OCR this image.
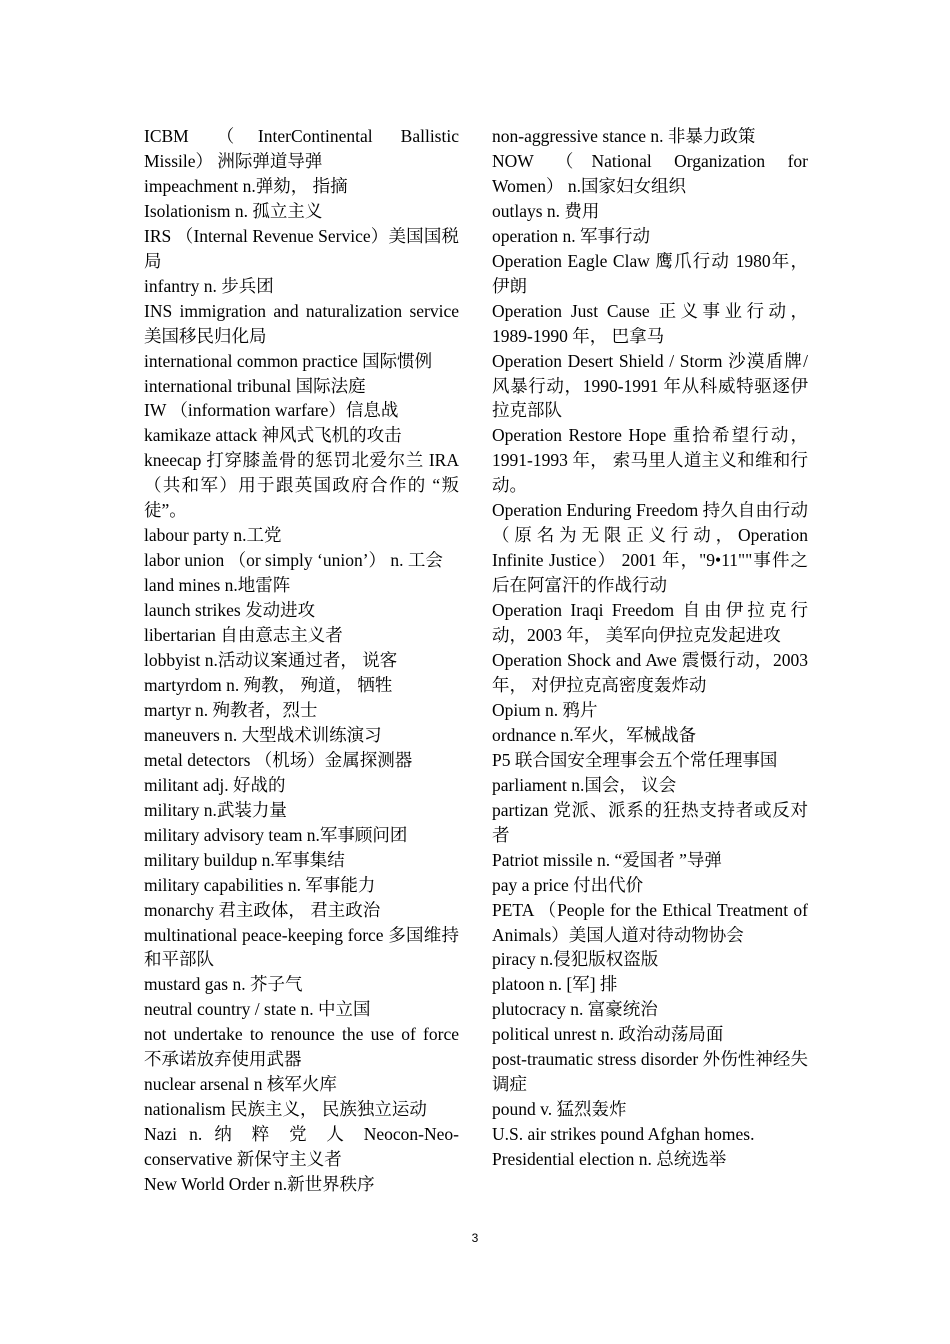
ICBM （InterContinental Ballistic Missile） 洲际弹道导弹

impeachment n.弹劾， 指摘

Isolationism n. 孤立主义

IRS （Internal Revenue Service）美国国税局

infantry n. 步兵团

INS immigration and naturalization service 美国移民归化局

international common practice 国际惯例

international tribunal 国际法庭

IW （information warfare）信息战

kamikaze attack 神风式飞机的攻击

kneecap 打穿膝盖骨的惩罚北爱尔兰 IRA（共和军）用于跟英国政府合作的 “叛徒”。

labour party n.工党

labor union （or simply ‘union’） n. 工会

land mines n.地雷阵

launch strikes 发动进攻

libertarian 自由意志主义者

lobbyist n.活动议案通过者， 说客

martyrdom n. 殉教， 殉道， 牺牲

martyr n. 殉教者，烈士

maneuvers n. 大型战术训练演习

metal detectors （机场）金属探测器

militant adj. 好战的

military n.武装力量

military advisory team n.军事顾问团

military buildup n.军事集结

military capabilities n. 军事能力

monarchy 君主政体， 君主政治

multinational peace-keeping force 多国维持和平部队

mustard gas n. 芥子气

neutral country / state n. 中立国

not undertake to renounce the use of force 不承诺放弃使用武器

nuclear arsenal n 核军火库

nationalism 民族主义， 民族独立运动

Nazi n. 纳 粹 党 人 Neocon-Neo-conservative 新保守主义者

New World Order n.新世界秩序

non-aggressive stance n. 非暴力政策

NOW （National Organization for Women） n.国家妇女组织

outlays n. 费用

operation n. 军事行动

Operation Eagle Claw 鹰爪行动 1980年， 伊朗

Operation Just Cause 正义事业行动，1989-1990 年， 巴拿马

Operation Desert Shield / Storm 沙漠盾牌/风暴行动，1990-1991 年从科威特驱逐伊拉克部队

Operation Restore Hope 重拾希望行动，1991-1993 年， 索马里人道主义和维和行动。

Operation Enduring Freedom 持久自由行动（原名为无限正义行动，Operation Infinite Justice） 2001 年，"9•11""事件之后在阿富汗的作战行动

Operation Iraqi Freedom 自由伊拉克行动，2003 年， 美军向伊拉克发起进攻

Operation Shock and Awe 震慑行动，2003 年， 对伊拉克高密度轰炸动

Opium n. 鸦片

ordnance n.军火，军械战备

P5 联合国安全理事会五个常任理事国

parliament n.国会， 议会

partizan 党派、派系的狂热支持者或反对者

Patriot missile n. “爱国者 ”导弹

pay a price 付出代价

PETA （People for the Ethical Treatment of Animals）美国人道对待动物协会

piracy n.侵犯版权盗版

platoon n. [军] 排

plutocracy n. 富豪统治

political unrest n. 政治动荡局面

post-traumatic stress disorder 外伤性神经失调症

pound v. 猛烈轰炸

U.S. air strikes pound Afghan homes.

Presidential election n. 总统选举

3
